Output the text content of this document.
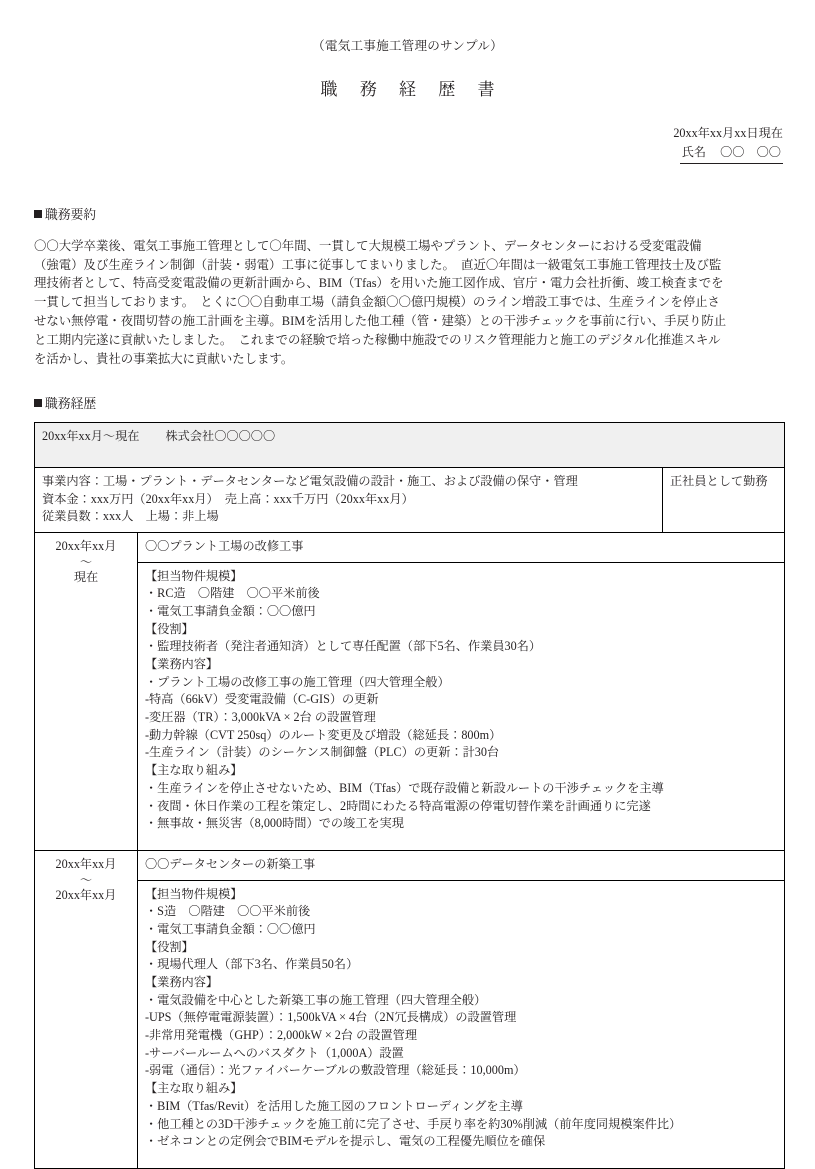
（電気工事施工管理のサンプル）
職 務 経 歴 書
20xx年xx月xx日現在
氏名 〇〇　〇〇
職務要約

〇〇大学卒業後、電気工事施工管理として〇年間、一貫して大規模工場やプラント、データセンターにおける受変電設備
（強電）及び生産ライン制御（計装・弱電）工事に従事してまいりました。　直近〇年間は一級電気工事施工管理技士及び監
理技術者として、特高受変電設備の更新計画から、BIM（Tfas）を用いた施工図作成、官庁・電力会社折衝、竣工検査までを
一貫して担当しております。　とくに〇〇自動車工場（請負金額〇〇億円規模）のライン増設工事では、生産ラインを停止さ
せない無停電・夜間切替の施工計画を主導。BIMを活用した他工種（管・建築）との干渉チェックを事前に行い、手戻り防止
と工期内完遂に貢献いたしました。　これまでの経験で培った稼働中施設でのリスク管理能力と施工のデジタル化推進スキル
を活かし、貴社の事業拡大に貢献いたします。

職務経歴
20xx年xx月～現在 株式会社〇〇〇〇〇		

事業内容：工場・プラント・データセンターなど電気設備の設計・施工、および設備の保守・管理
資本金：xxx万円（20xx年xx月）　売上高：xxx千万円（20xx年xx月）
従業員数：xxx人　上場：非上場		正社員として勤務

20xx年xx月
〜
現在	〇〇プラント工場の改修工事	

【担当物件規模】
・RC造　〇階建　〇〇平米前後
・電気工事請負金額：〇〇億円
【役割】
・監理技術者（発注者通知済）として専任配置（部下5名、作業員30名）
【業務内容】
・プラント工場の改修工事の施工管理（四大管理全般）
-特高（66kV）受変電設備（C-GIS）の更新
-変圧器（TR）：3,000kVA × 2台 の設置管理
-動力幹線（CVT 250sq）のルート変更及び増設（総延長：800m）
-生産ライン（計装）のシーケンス制御盤（PLC）の更新：計30台
【主な取り組み】
・生産ラインを停止させないため、BIM（Tfas）で既存設備と新設ルートの干渉チェックを主導
・夜間・休日作業の工程を策定し、2時間にわたる特高電源の停電切替作業を計画通りに完遂
・無事故・無災害（8,000時間）での竣工を実現

20xx年xx月
〜
20xx年xx月	〇〇データセンターの新築工事	

【担当物件規模】
・S造　〇階建　〇〇平米前後
・電気工事請負金額：〇〇億円
【役割】
・現場代理人（部下3名、作業員50名）
【業務内容】
・電気設備を中心とした新築工事の施工管理（四大管理全般）
-UPS（無停電電源装置）：1,500kVA × 4台（2N冗長構成）の設置管理
-非常用発電機（GHP）：2,000kW × 2台 の設置管理
-サーバールームへのバスダクト（1,000A）設置
-弱電（通信）：光ファイバーケーブルの敷設管理（総延長：10,000m）
【主な取り組み】
・BIM（Tfas/Revit）を活用した施工図のフロントローディングを主導
・他工種との3D干渉チェックを施工前に完了させ、手戻り率を約30%削減（前年度同規模案件比）
・ゼネコンとの定例会でBIMモデルを提示し、電気の工程優先順位を確保
